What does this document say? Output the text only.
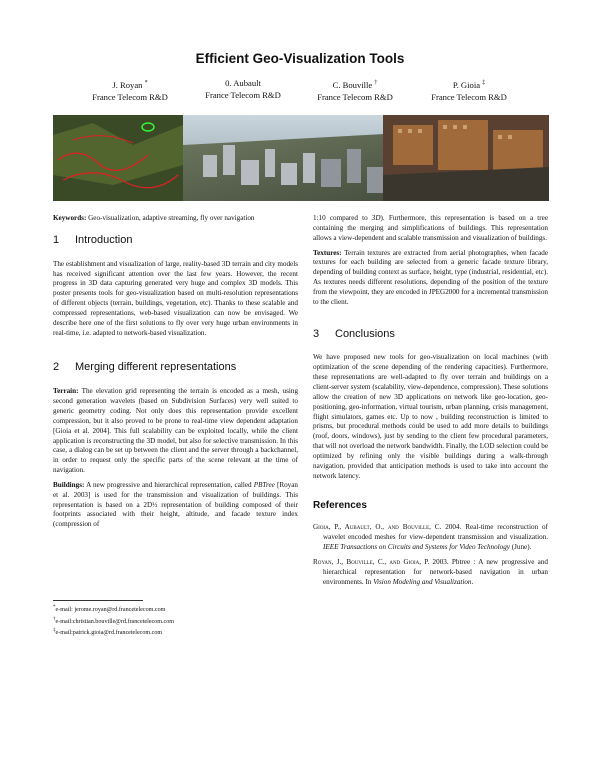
Efficient Geo-Visualization Tools
J. Royan *
France Telecom R&D
0. Aubault
France Telecom R&D
C. Bouville †
France Telecom R&D
P. Gioia ‡
France Telecom R&D

Keywords: Geo-visualization, adaptive streaming, fly over navigation

1 Introduction

The establishment and visualization of large, reality-based 3D terrain and city models has received significant attention over the last few years. However, the recent progress in 3D data capturing generated very huge and complex 3D models. This poster presents tools for geo-visualization based on multi-resolution representations of different objects (terrain, buildings, vegetation, etc). Thanks to these scalable and compressed representations, web-based visualization can now be envisaged. We describe here one of the first solutions to fly over very huge urban environments in real-time, i.e. adapted to network-based visualization.

2 Merging different representations

Terrain: The elevation grid representing the terrain is encoded as a mesh, using second generation wavelets (based on Subdivision Surfaces) very well suited to generic geometry coding. Not only does this representation provide excellent compression, but it also proved to be prone to real-time view dependent adaptation [Gioia et al. 2004]. This full scalability can be exploited locally, while the client application is reconstructing the 3D model, but also for selective transmission. In this case, a dialog can be set up between the client and the server through a backchannel, in order to request only the specific parts of the scene relevant at the time of navigation.

Buildings: A new progressive and hierarchical representation, called PBTree [Royan et al. 2003] is used for the transmission and visualization of buildings. This representation is based on a 2D½ representation of building composed of their footprints associated with their height, altitude, and facade texture index (compression of

*e-mail: jerome.royan@rd.francetelecom.com
†e-mail:christian.bouville@rd.francetelecom.com
‡e-mail:patrick.gioia@rd.francetelecom.com

1:10 compared to 3D). Furthermore, this representation is based on a tree containing the merging and simplifications of buildings. This representation allows a view-dependent and scalable transmission and visualization of buildings.

Textures: Terrain textures are extracted from aerial photographes, when facade textures for each building are selected from a generic facade texture library, depending of building context as surface, height, type (industrial, residential, etc). As textures needs different resolutions, depending of the position of the texture from the viewpoint, they are encoded in JPEG2000 for a incremental transmission to the client.

3 Conclusions

We have proposed new tools for geo-visualization on local machines (with optimization of the scene depending of the rendering capacities). Furthermore, these representations are well-adapted to fly over terrain and buildings on a client-server system (scalability, view-dependence, compression). These solutions allow the creation of new 3D applications on network like geo-location, geo-positioning, geo-information, virtual tourism, urban planning, crisis management, flight simulators, games etc. Up to now , building reconstruction is limited to prisms, but procedural methods could be used to add more details to buildings (roof, doors, windows), just by sending to the client few procedural parameters, that will not overload the network bandwidth. Finally, the LOD selection could be optimized by refining only the visible buildings during a walk-through navigation, provided that anticipation methods is used to take into account the network latency.

References

Gioia, P., Aubault, O., and Bouville, C. 2004. Real-time reconstruction of wavelet encoded meshes for view-dependent transmission and visualization. IEEE Transactions on Circuits and Systems for Video Technology (June).

Royan, J., Bouville, C., and Gioia, P. 2003. Pbtree : A new progressive and hierarchical representation for network-based navigation in urban environments. In Vision Modeling and Visualization.
